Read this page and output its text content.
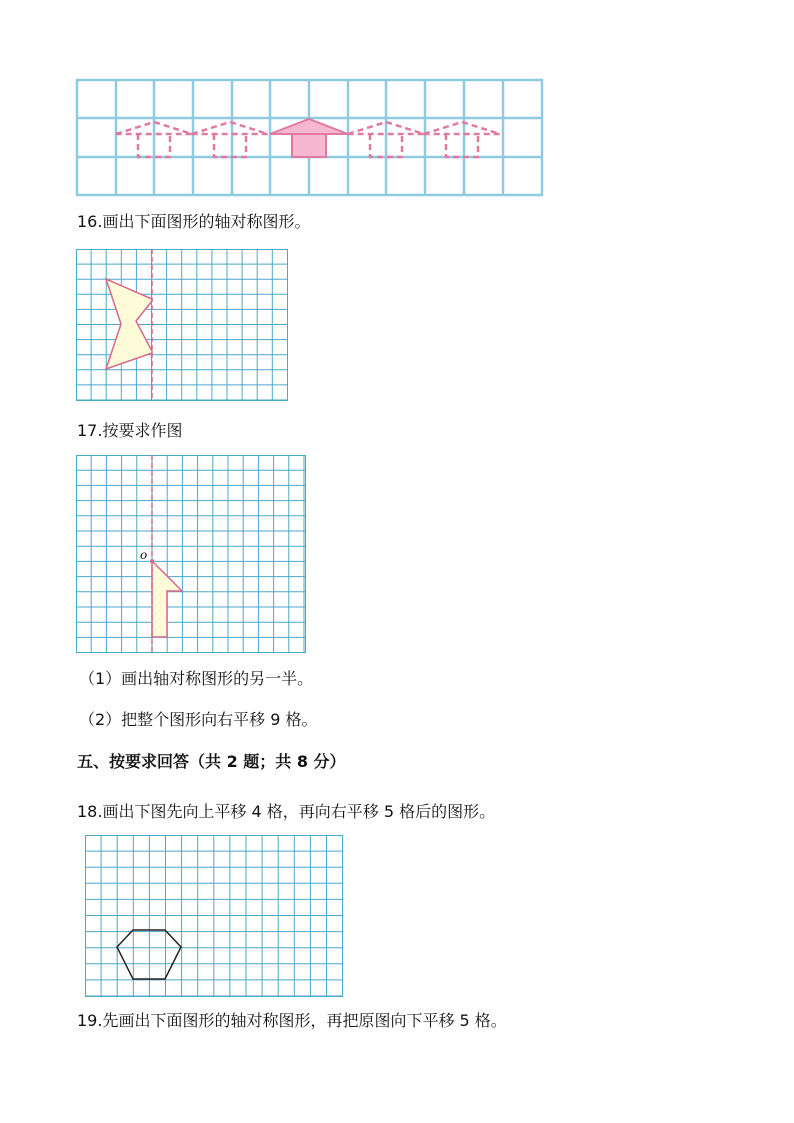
16.画出下面图形的轴对称图形。
17.按要求作图
o
（1）画出轴对称图形的另一半。
（2）把整个图形向右平移 9 格。
五、按要求回答（共 2 题；共 8 分）
18.画出下图先向上平移 4 格，再向右平移 5 格后的图形。
19.先画出下面图形的轴对称图形，再把原图向下平移 5 格。
